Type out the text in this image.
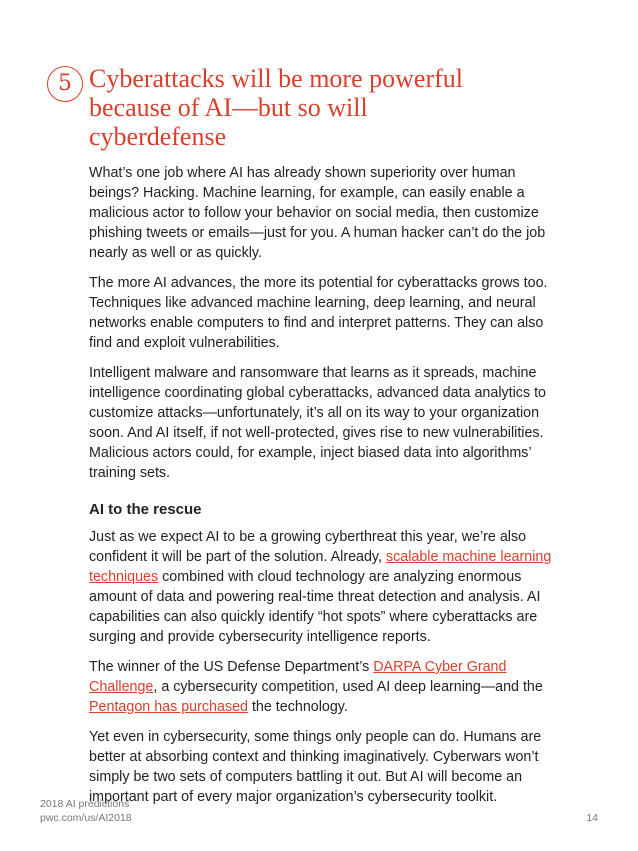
5 Cyberattacks will be more powerful because of AI—but so will cyberdefense

What’s one job where AI has already shown superiority over human beings? Hacking. Machine learning, for example, can easily enable a malicious actor to follow your behavior on social media, then customize phishing tweets or emails—just for you. A human hacker can’t do the job nearly as well or as quickly.

The more AI advances, the more its potential for cyberattacks grows too. Techniques like advanced machine learning, deep learning, and neural networks enable computers to find and interpret patterns. They can also find and exploit vulnerabilities.

Intelligent malware and ransomware that learns as it spreads, machine intelligence coordinating global cyberattacks, advanced data analytics to customize attacks—unfortunately, it’s all on its way to your organization soon. And AI itself, if not well-protected, gives rise to new vulnerabilities. Malicious actors could, for example, inject biased data into algorithms’ training sets.

AI to the rescue

Just as we expect AI to be a growing cyberthreat this year, we’re also confident it will be part of the solution. Already, scalable machine learning techniques combined with cloud technology are analyzing enormous amount of data and powering real-time threat detection and analysis. AI capabilities can also quickly identify “hot spots” where cyberattacks are surging and provide cybersecurity intelligence reports.

The winner of the US Defense Department’s DARPA Cyber Grand Challenge, a cybersecurity competition, used AI deep learning—and the Pentagon has purchased the technology.

Yet even in cybersecurity, some things only people can do. Humans are better at absorbing context and thinking imaginatively. Cyberwars won’t simply be two sets of computers battling it out. But AI will become an important part of every major organization’s cybersecurity toolkit.

2018 AI predictions
pwc.com/us/AI2018	14
